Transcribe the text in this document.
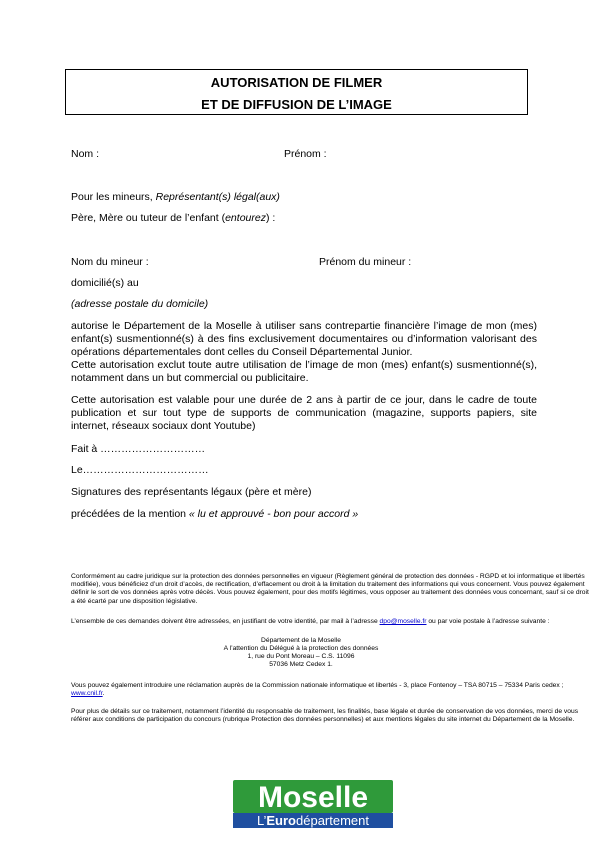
AUTORISATION DE FILMER
ET DE DIFFUSION DE L’IMAGE
Nom :	Prénom :
Pour les mineurs, Représentant(s) légal(aux)
Père, Mère ou tuteur de l’enfant (entourez) :
Nom du mineur :	Prénom du mineur :
domicilié(s) au
(adresse postale du domicile)
autorise le Département de la Moselle à utiliser sans contrepartie financière l’image de mon (mes) enfant(s) susmentionné(s) à des fins exclusivement documentaires ou d’information valorisant des opérations départementales dont celles du Conseil Départemental Junior.
Cette autorisation exclut toute autre utilisation de l’image de mon (mes) enfant(s) susmentionné(s), notamment dans un but commercial ou publicitaire.
Cette autorisation est valable pour une durée de 2 ans à partir de ce jour, dans le cadre de toute publication et sur tout type de supports de communication (magazine, supports papiers, site internet, réseaux sociaux dont Youtube)
Fait à …………………………
Le………………………………
Signatures des représentants légaux (père et mère)
précédées de la mention « lu et approuvé - bon pour accord »
Conformément au cadre juridique sur la protection des données personnelles en vigueur (Règlement général de protection des données - RGPD et loi informatique et libertés modifiée), vous bénéficiez d’un droit d’accès, de rectification, d’effacement ou droit à la limitation du traitement des informations qui vous concernent. Vous pouvez également définir le sort de vos données après votre décès. Vous pouvez également, pour des motifs légitimes, vous opposer au traitement des données vous concernant, sauf si ce droit a été écarté par une disposition législative.
L’ensemble de ces demandes doivent être adressées, en justifiant de votre identité, par mail à l’adresse dpo@moselle.fr ou par voie postale à l’adresse suivante :
Département de la Moselle
A l’attention du Délégué à la protection des données
1, rue du Pont Moreau – C.S. 11096
57036 Metz Cedex 1.
Vous pouvez également introduire une réclamation auprès de la Commission nationale informatique et libertés - 3, place Fontenoy – TSA 80715 – 75334 Paris cedex ; www.cnil.fr.
Pour plus de détails sur ce traitement, notamment l’identité du responsable de traitement, les finalités, base légale et durée de conservation de vos données, merci de vous référer aux conditions de participation du concours (rubrique Protection des données personnelles) et aux mentions légales du site internet du Département de la Moselle.
Moselle
L’Eurodépartement
